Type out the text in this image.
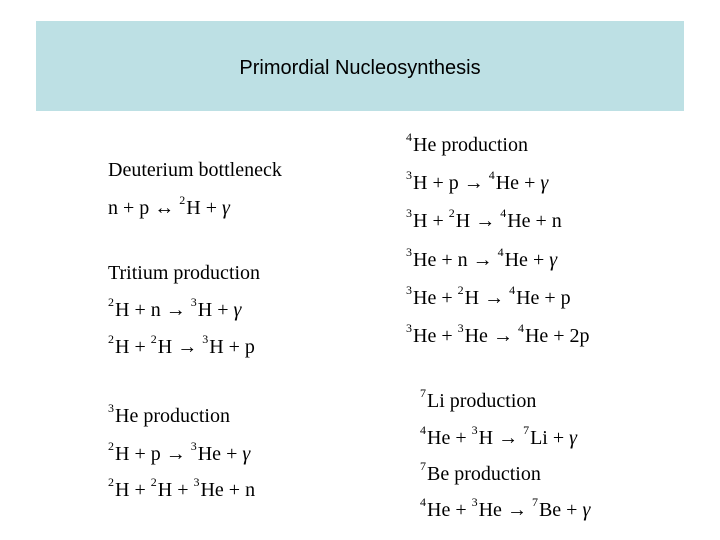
Primordial Nucleosynthesis
Deuterium bottleneck
n + p ↔ $^2$H + γ
Tritium production
$^2$H + n → $^3$H + γ
$^2$H + $^2$H → $^3$H + p
$^3$He production
$^2$H + p → $^3$He + γ
$^2$H + $^2$H + $^3$He + n
$^4$He production
$^3$H + p → $^4$He + γ
$^3$H + $^2$H → $^4$He + n
$^3$He + n → $^4$He + γ
$^3$He + $^2$H → $^4$He + p
$^3$He + $^3$He → $^4$He + 2p
$^7$Li production
$^4$He + $^3$H → $^7$Li + γ
$^7$Be production
$^4$He + $^3$He → $^7$Be + γ
